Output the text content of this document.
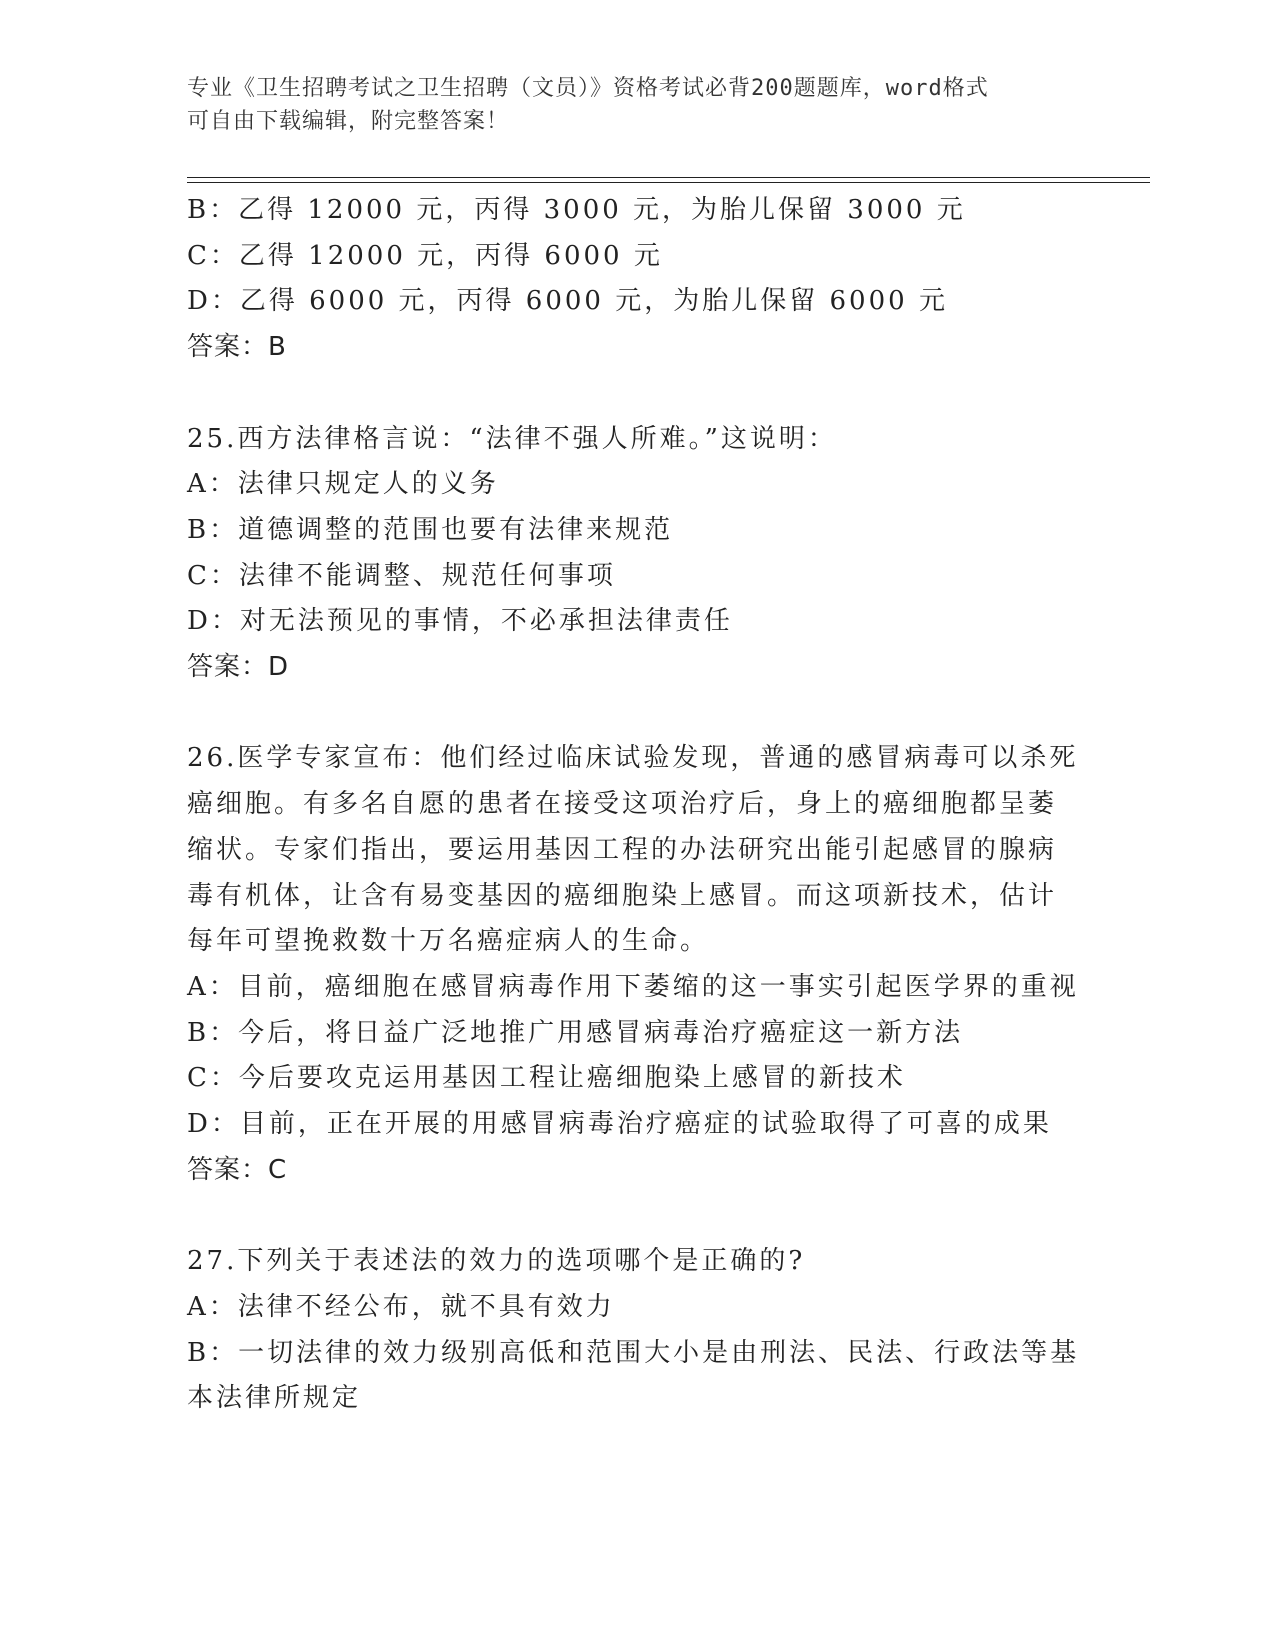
专业《卫生招聘考试之卫生招聘（文员）》资格考试必背200题题库，word格式
可自由下载编辑，附完整答案！
B：乙得 12000 元，丙得 3000 元，为胎儿保留 3000 元
C：乙得 12000 元，丙得 6000 元
D：乙得 6000 元，丙得 6000 元，为胎儿保留 6000 元
答案：B
25.西方法律格言说：“法律不强人所难。”这说明：
A：法律只规定人的义务
B：道德调整的范围也要有法律来规范
C：法律不能调整、规范任何事项
D：对无法预见的事情，不必承担法律责任
答案：D
26.医学专家宣布：他们经过临床试验发现，普通的感冒病毒可以杀死
癌细胞。有多名自愿的患者在接受这项治疗后，身上的癌细胞都呈萎
缩状。专家们指出，要运用基因工程的办法研究出能引起感冒的腺病
毒有机体，让含有易变基因的癌细胞染上感冒。而这项新技术，估计
每年可望挽救数十万名癌症病人的生命。
A：目前，癌细胞在感冒病毒作用下萎缩的这一事实引起医学界的重视
B：今后，将日益广泛地推广用感冒病毒治疗癌症这一新方法
C：今后要攻克运用基因工程让癌细胞染上感冒的新技术
D：目前，正在开展的用感冒病毒治疗癌症的试验取得了可喜的成果
答案：C
27.下列关于表述法的效力的选项哪个是正确的?
A：法律不经公布，就不具有效力
B：一切法律的效力级别高低和范围大小是由刑法、民法、行政法等基
本法律所规定
